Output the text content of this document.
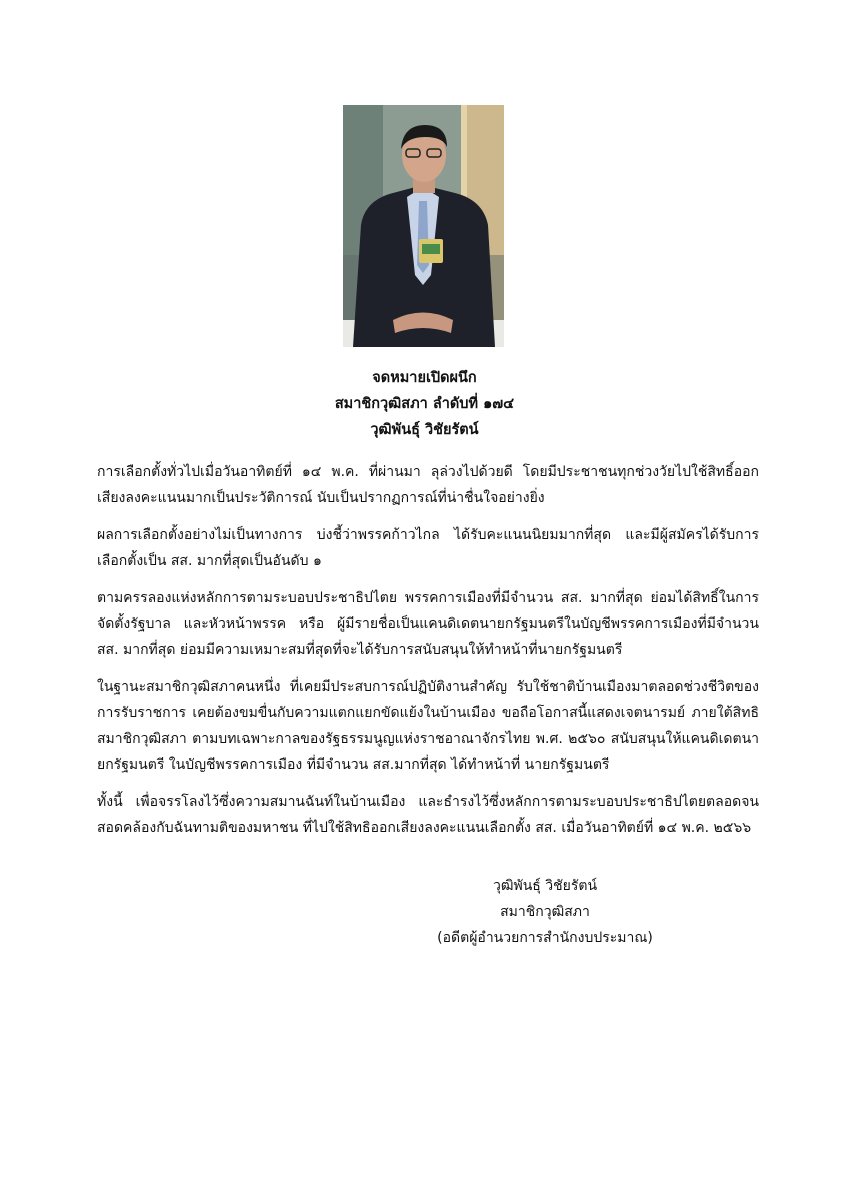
จดหมายเปิดผนึก
สมาชิกวุฒิสภา ลำดับที่ ๑๗๔
วุฒิพันธุ์ วิชัยรัตน์

การเลือกตั้งทั่วไปเมื่อวันอาทิตย์ที่ ๑๔ พ.ค. ที่ผ่านมา ลุล่วงไปด้วยดี โดยมีประชาชนทุกช่วงวัยไปใช้สิทธิ์ออกเสียงลงคะแนนมากเป็นประวัติการณ์ นับเป็นปรากฏการณ์ที่น่าชื่นใจอย่างยิ่ง

ผลการเลือกตั้งอย่างไม่เป็นทางการ บ่งชี้ว่าพรรคก้าวไกล ได้รับคะแนนนิยมมากที่สุด และมีผู้สมัครได้รับการเลือกตั้งเป็น สส. มากที่สุดเป็นอันดับ ๑

ตามครรลองแห่งหลักการตามระบอบประชาธิปไตย พรรคการเมืองที่มีจำนวน สส. มากที่สุด ย่อมได้สิทธิ์ในการจัดตั้งรัฐบาล และหัวหน้าพรรค หรือ ผู้มีรายชื่อเป็นแคนดิเดตนายกรัฐมนตรีในบัญชีพรรคการเมืองที่มีจำนวน สส. มากที่สุด ย่อมมีความเหมาะสมที่สุดที่จะได้รับการสนับสนุนให้ทำหน้าที่นายกรัฐมนตรี

ในฐานะสมาชิกวุฒิสภาคนหนึ่ง ที่เคยมีประสบการณ์ปฏิบัติงานสำคัญ รับใช้ชาติบ้านเมืองมาตลอดช่วงชีวิตของการรับราชการ เคยต้องขมขื่นกับความแตกแยกขัดแย้งในบ้านเมือง ขอถือโอกาสนี้แสดงเจตนารมย์ ภายใต้สิทธิสมาชิกวุฒิสภา ตามบทเฉพาะกาลของรัฐธรรมนูญแห่งราชอาณาจักรไทย พ.ศ. ๒๕๖๐ สนับสนุนให้แคนดิเดตนายกรัฐมนตรี ในบัญชีพรรคการเมือง ที่มีจำนวน สส.มากที่สุด ได้ทำหน้าที่ นายกรัฐมนตรี

ทั้งนี้ เพื่อจรรโลงไว้ซึ่งความสมานฉันท์ในบ้านเมือง และธำรงไว้ซึ่งหลักการตามระบอบประชาธิปไตยตลอดจนสอดคล้องกับฉันทามติของมหาชน ที่ไปใช้สิทธิออกเสียงลงคะแนนเลือกตั้ง สส. เมื่อวันอาทิตย์ที่ ๑๔ พ.ค. ๒๕๖๖

วุฒิพันธุ์ วิชัยรัตน์
สมาชิกวุฒิสภา
(อดีตผู้อำนวยการสำนักงบประมาณ)
